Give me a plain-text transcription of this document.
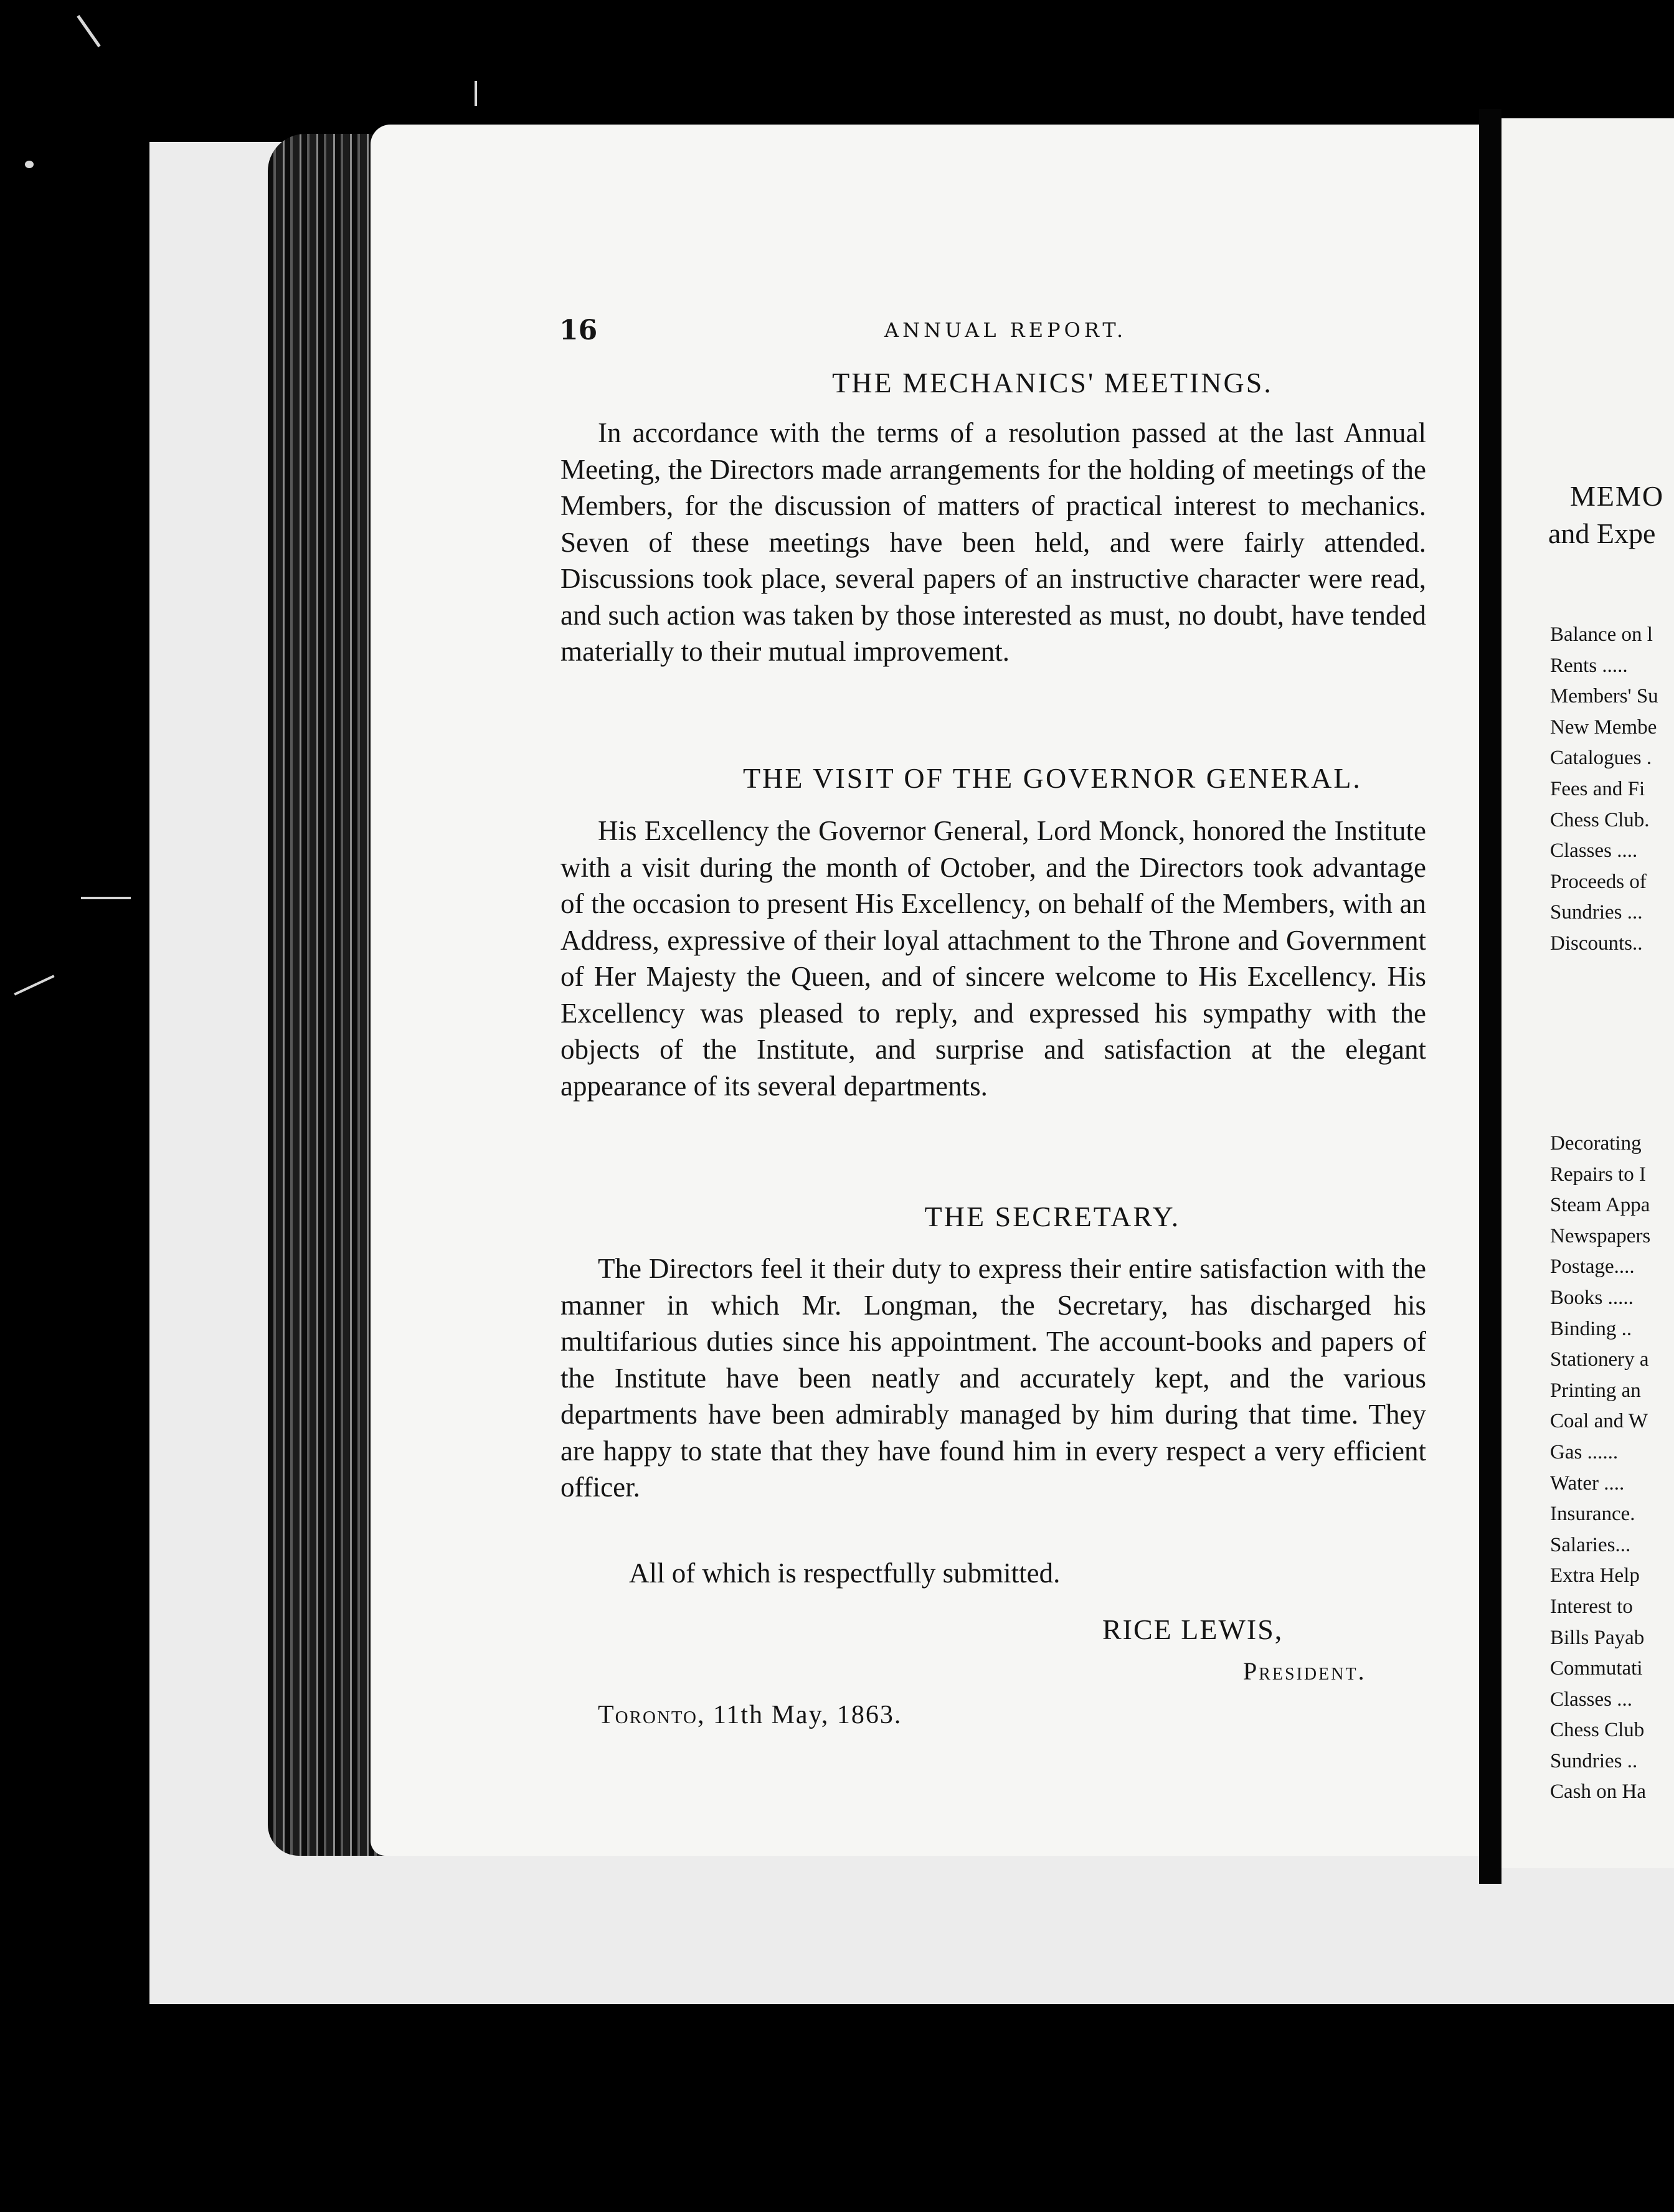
MEMO
and Expe
Balance on l
Rents .....
Members' Su
New Membe
Catalogues .
Fees and Fi
Chess Club.
Classes ....
Proceeds of
Sundries ...
Discounts..
Decorating
Repairs to I
Steam Appa
Newspapers
Postage....
Books .....
Binding ..
Stationery a
Printing an
Coal and W
Gas ......
Water ....
Insurance.
Salaries...
Extra Help
Interest to
Bills Payab
Commutati
Classes ...
Chess Club
Sundries ..
Cash on Ha
16	ANNUAL REPORT.
THE MECHANICS' MEETINGS.
In accordance with the terms of a resolution passed at the last Annual Meeting, the Directors made arrangements for the holding of meetings of the Members, for the discussion of matters of practical interest to mechanics. Seven of these meetings have been held, and were fairly attended. Discussions took place, several papers of an instructive character were read, and such action was taken by those interested as must, no doubt, have tended materially to their mutual improvement.
THE VISIT OF THE GOVERNOR GENERAL.
His Excellency the Governor General, Lord Monck, honored the Institute with a visit during the month of October, and the Directors took advantage of the occasion to present His Excellency, on behalf of the Members, with an Address, expressive of their loyal attachment to the Throne and Government of Her Majesty the Queen, and of sincere welcome to His Excellency. His Excellency was pleased to reply, and expressed his sympathy with the objects of the Institute, and surprise and satisfaction at the elegant appearance of its several departments.
THE SECRETARY.
The Directors feel it their duty to express their entire satisfaction with the manner in which Mr. Longman, the Secretary, has discharged his multifarious duties since his appointment. The account-books and papers of the Institute have been neatly and accurately kept, and the various departments have been admirably managed by him during that time. They are happy to state that they have found him in every respect a very efficient officer.
All of which is respectfully submitted.
RICE LEWIS,
President.
Toronto, 11th May, 1863.
